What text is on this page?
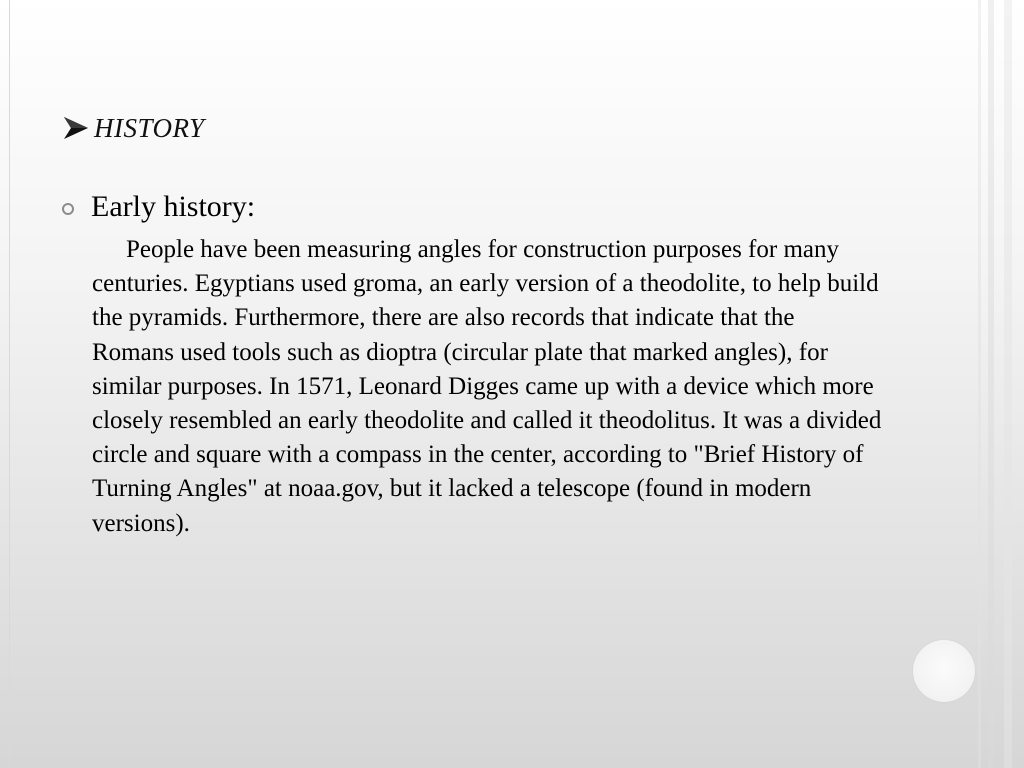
HISTORY
Early history:

People have been measuring angles for construction purposes for many centuries. Egyptians used groma, an early version of a theodolite, to help build the pyramids. Furthermore, there are also records that indicate that the Romans used tools such as dioptra (circular plate that marked angles), for similar purposes. In 1571, Leonard Digges came up with a device which more closely resembled an early theodolite and called it theodolitus. It was a divided circle and square with a compass in the center, according to "Brief History of Turning Angles" at noaa.gov, but it lacked a telescope (found in modern versions).
